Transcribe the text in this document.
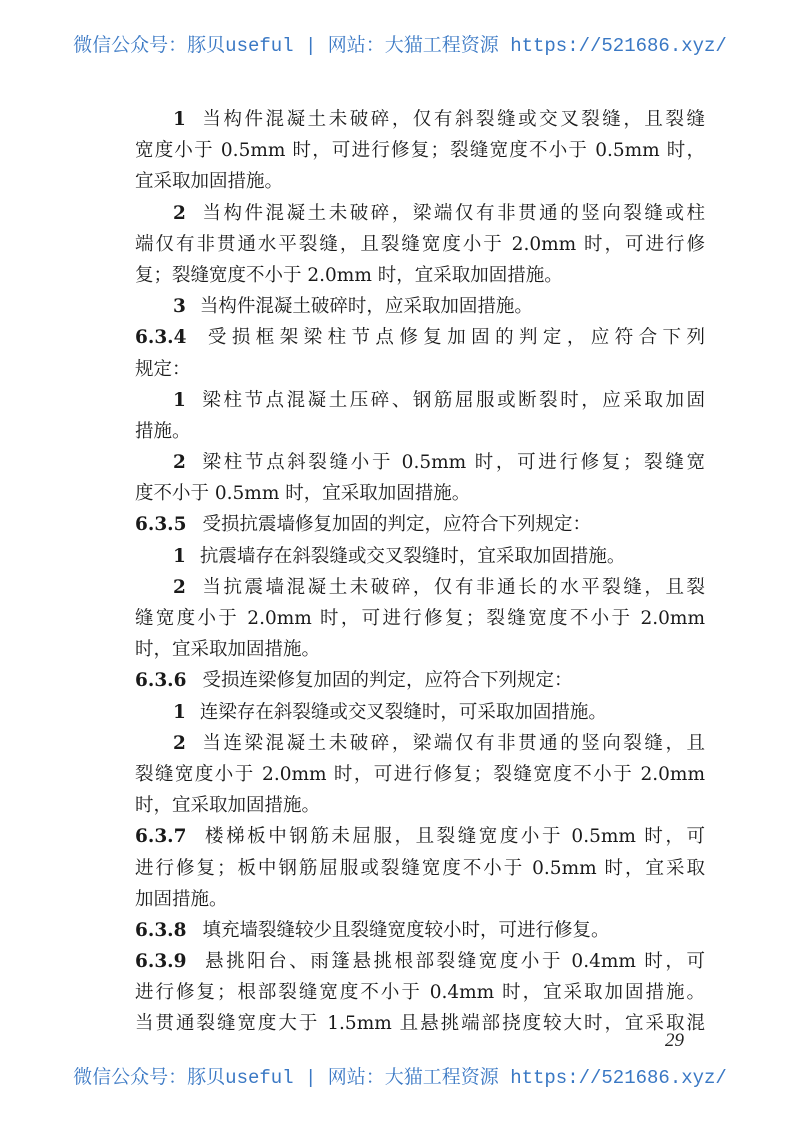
微信公众号：豚贝useful | 网站：大猫工程资源 https://521686.xyz/
1 当构件混凝土未破碎，仅有斜裂缝或交叉裂缝，且裂缝
宽度小于 0.5mm 时，可进行修复；裂缝宽度不小于 0.5mm 时，
宜采取加固措施。
2 当构件混凝土未破碎，梁端仅有非贯通的竖向裂缝或柱
端仅有非贯通水平裂缝，且裂缝宽度小于 2.0mm 时，可进行修
复；裂缝宽度不小于 2.0mm 时，宜采取加固措施。
3 当构件混凝土破碎时，应采取加固措施。
6.3.4 受损框架梁柱节点修复加固的判定，应符合下列
规定：
1 梁柱节点混凝土压碎、钢筋屈服或断裂时，应采取加固
措施。
2 梁柱节点斜裂缝小于 0.5mm 时，可进行修复；裂缝宽
度不小于 0.5mm 时，宜采取加固措施。
6.3.5 受损抗震墙修复加固的判定，应符合下列规定：
1 抗震墙存在斜裂缝或交叉裂缝时，宜采取加固措施。
2 当抗震墙混凝土未破碎，仅有非通长的水平裂缝，且裂
缝宽度小于 2.0mm 时，可进行修复；裂缝宽度不小于 2.0mm
时，宜采取加固措施。
6.3.6 受损连梁修复加固的判定，应符合下列规定：
1 连梁存在斜裂缝或交叉裂缝时，可采取加固措施。
2 当连梁混凝土未破碎，梁端仅有非贯通的竖向裂缝，且
裂缝宽度小于 2.0mm 时，可进行修复；裂缝宽度不小于 2.0mm
时，宜采取加固措施。
6.3.7 楼梯板中钢筋未屈服，且裂缝宽度小于 0.5mm 时，可
进行修复；板中钢筋屈服或裂缝宽度不小于 0.5mm 时，宜采取
加固措施。
6.3.8 填充墙裂缝较少且裂缝宽度较小时，可进行修复。
6.3.9 悬挑阳台、雨篷悬挑根部裂缝宽度小于 0.4mm 时，可
进行修复；根部裂缝宽度不小于 0.4mm 时，宜采取加固措施。
当贯通裂缝宽度大于 1.5mm 且悬挑端部挠度较大时，宜采取混
29
微信公众号：豚贝useful | 网站：大猫工程资源 https://521686.xyz/
